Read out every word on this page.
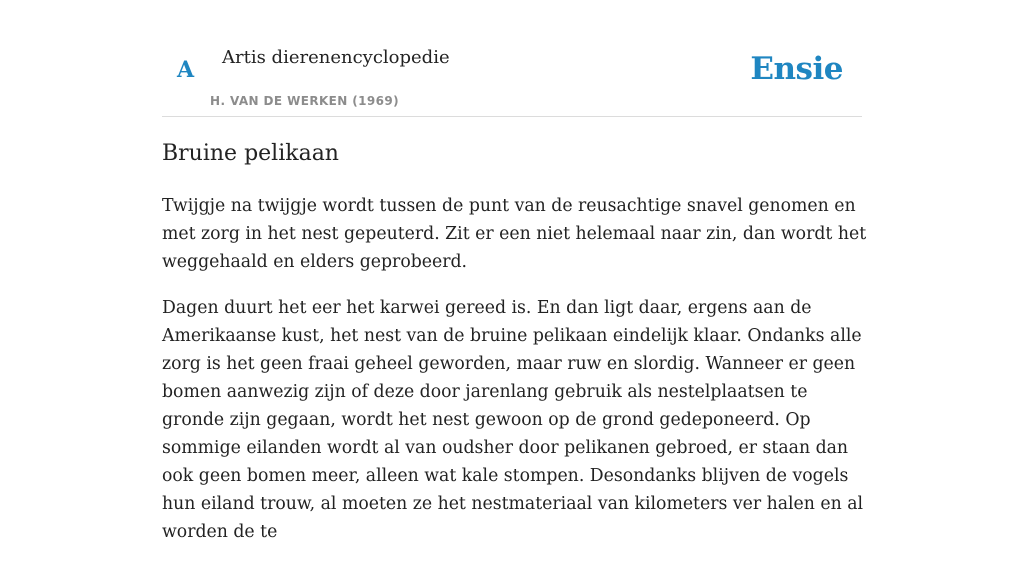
A Artis dierenencyclopedie
H. VAN DE WERKEN (1969)
Ensie
Bruine pelikaan

Twijgje na twijgje wordt tussen de punt van de reusachtige snavel genomen en met zorg in het nest gepeuterd. Zit er een niet helemaal naar zin, dan wordt het weggehaald en elders geprobeerd.

Dagen duurt het eer het karwei gereed is. En dan ligt daar, ergens aan de Amerikaanse kust, het nest van de bruine pelikaan eindelijk klaar. Ondanks alle zorg is het geen fraai geheel geworden, maar ruw en slordig. Wanneer er geen bomen aanwezig zijn of deze door jarenlang gebruik als nestelplaatsen te gronde zijn gegaan, wordt het nest gewoon op de grond gedeponeerd. Op sommige eilanden wordt al van oudsher door pelikanen gebroed, er staan dan ook geen bomen meer, alleen wat kale stompen. Desondanks blijven de vogels hun eiland trouw, al moeten ze het nestmateriaal van kilometers ver halen en al worden de te
